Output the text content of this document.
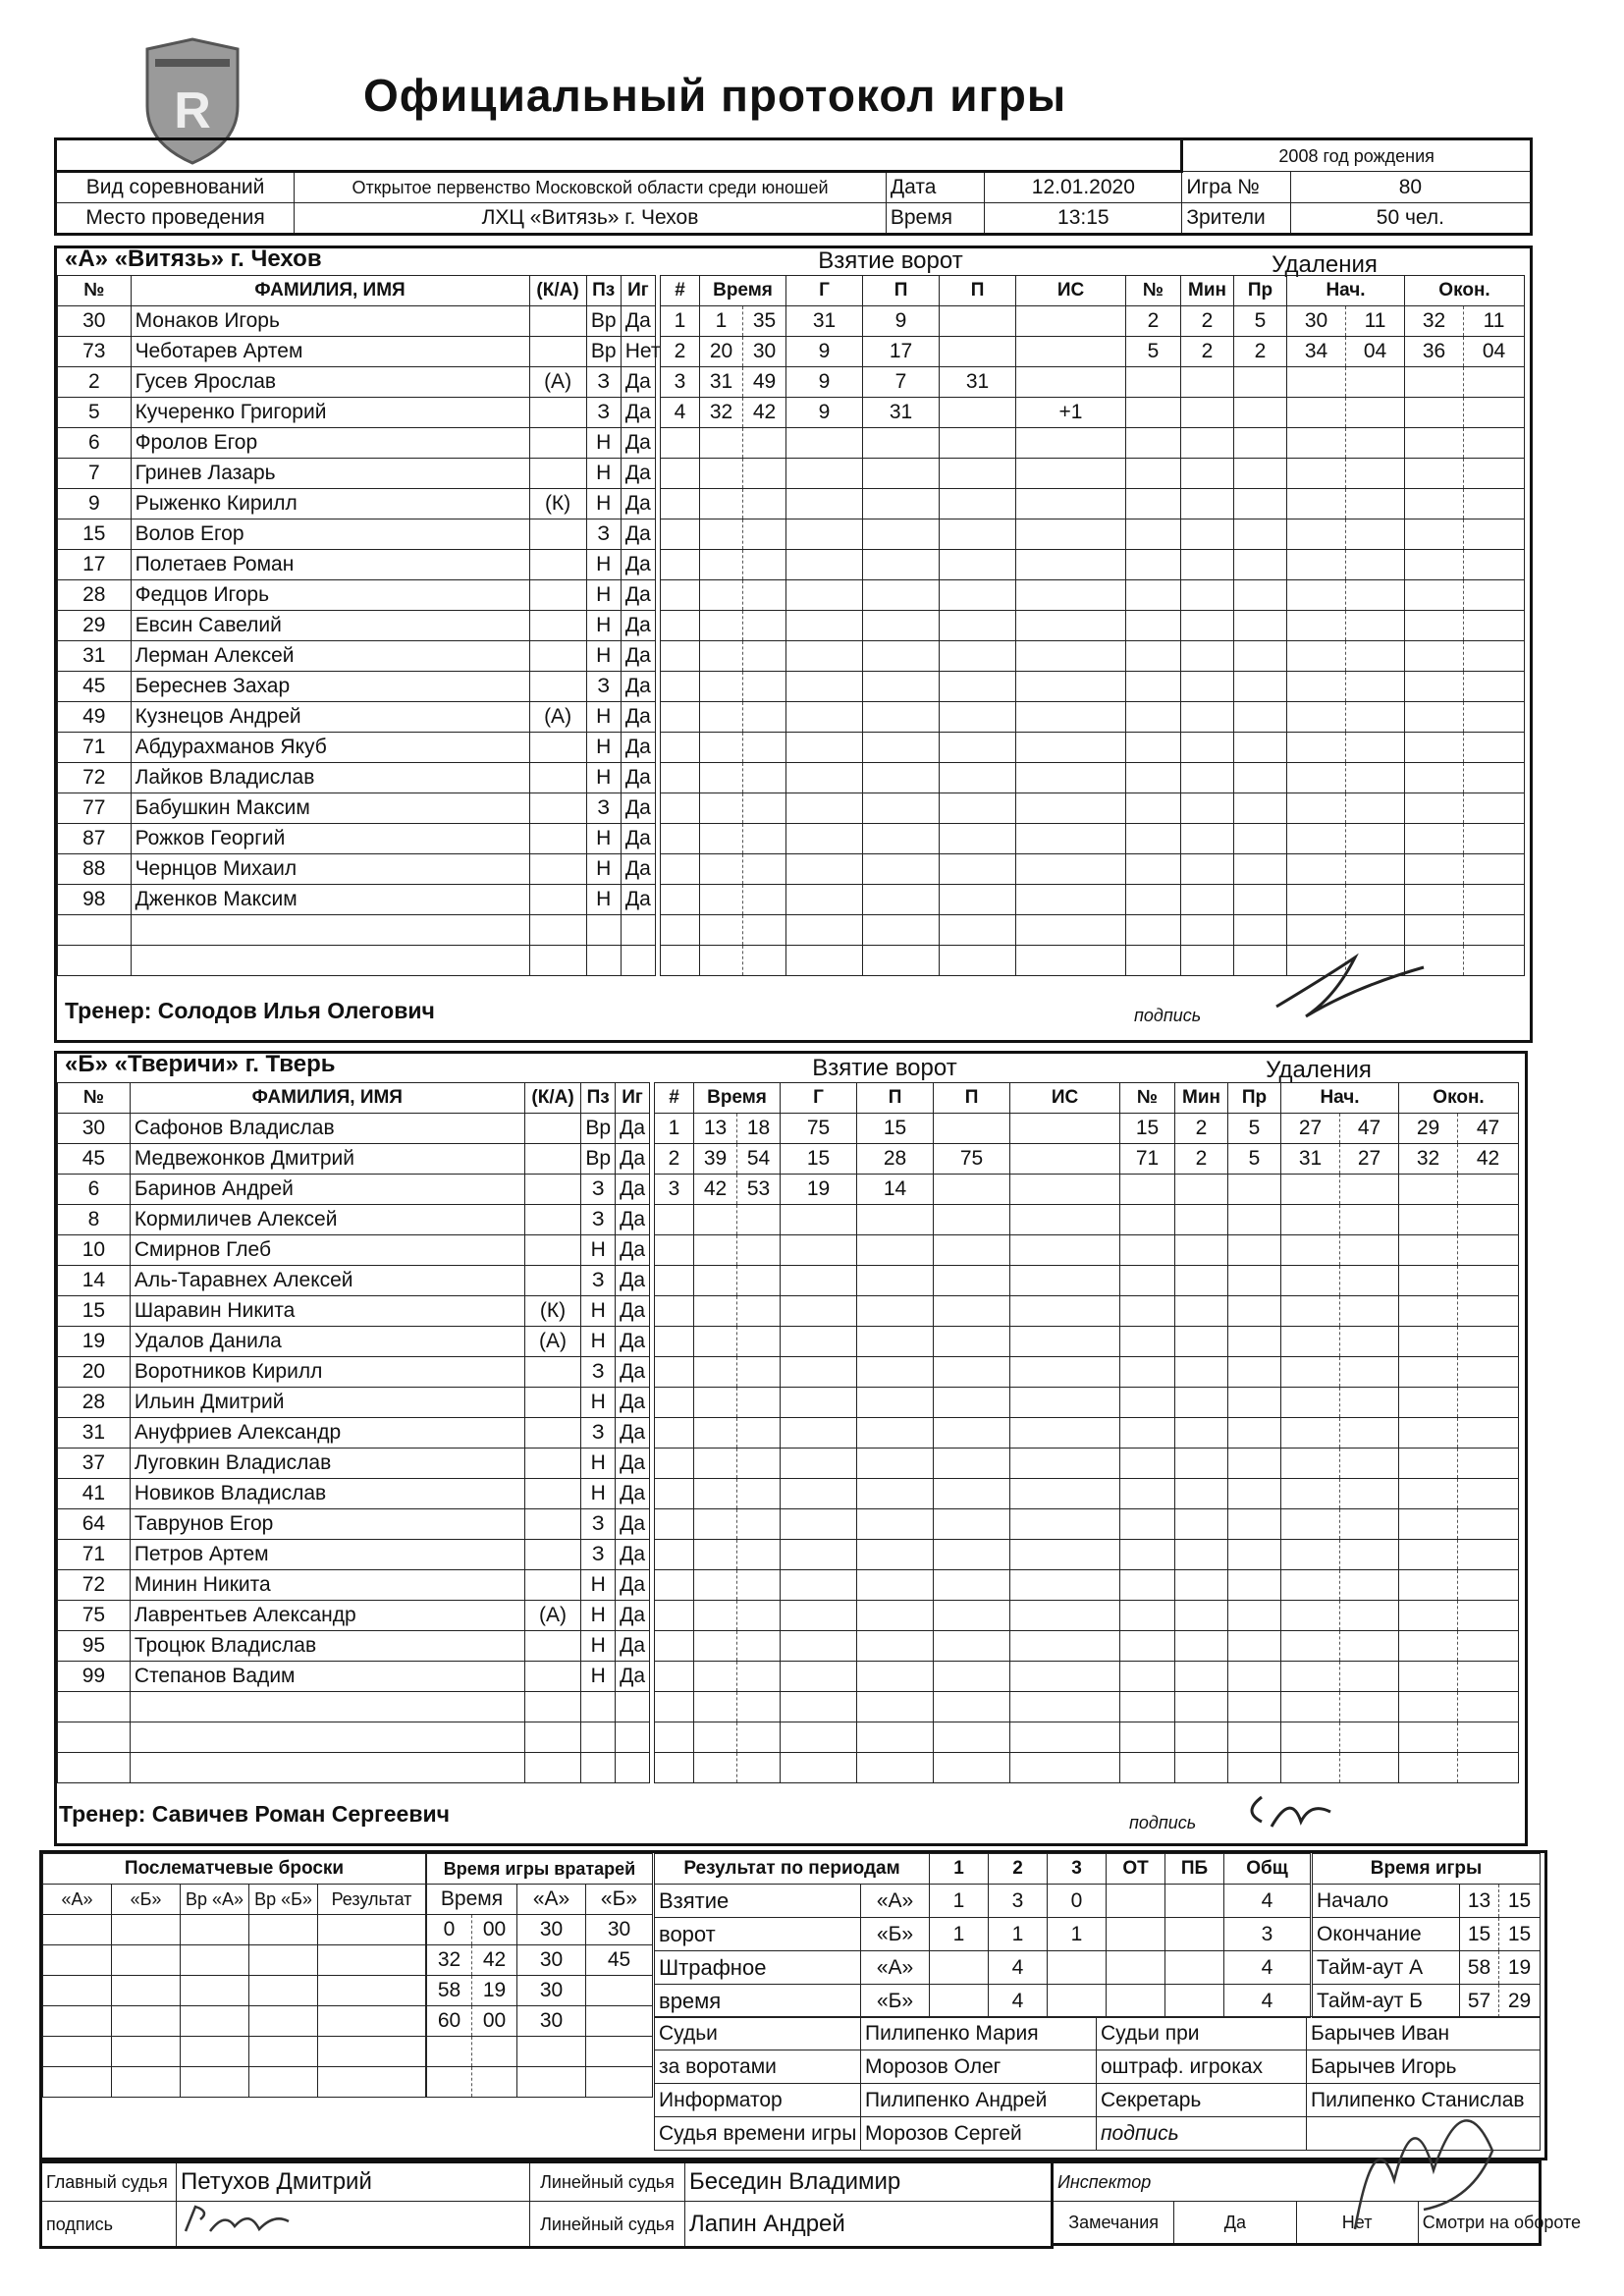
R	Официальный протокол игры
				2008 год рождения	
Вид соревнований	Открытое первенство Московской области среди юношей	Дата	12.01.2020	Игра №	80
Место проведения	ЛХЦ «Витязь» г. Чехов	Время	13:15	Зрители	50 чел.
«А» «Витязь» г. Чехов	Взятие ворот	Удаления
№	ФАМИЛИЯ, ИМЯ	(К/А)	Пз	Иг
30	Монаков Игорь		Вр	Да
73	Чеботарев Артем		Вр	Нет
2	Гусев Ярослав	(А)	З	Да
5	Кучеренко Григорий		З	Да
6	Фролов Егор		Н	Да
7	Гринев Лазарь		Н	Да
9	Рыженко Кирилл	(К)	Н	Да
15	Волов Егор		З	Да
17	Полетаев Роман		Н	Да
28	Федцов Игорь		Н	Да
29	Евсин Савелий		Н	Да
31	Лерман Алексей		Н	Да
45	Береснев Захар		З	Да
49	Кузнецов Андрей	(А)	Н	Да
71	Абдурахманов Якуб		Н	Да
72	Лайков Владислав		Н	Да
77	Бабушкин Максим		З	Да
87	Рожков Георгий		Н	Да
88	Чернцов Михаил		Н	Да
98	Дженков Максим		Н	Да

#	Время		Г	П	П	ИС
1	1	35	31	9		
2	20	30	9	17		
3	31	49	9	7	31	
4	32	42	9	31		+1

№	Мин	Пр	Нач.		Окон.	
2	2	5	30	11	32	11
5	2	2	34	04	36	04

Тренер: Солодов Илья Олегович	подпись
«Б» «Тверичи» г. Тверь	Взятие ворот	Удаления
№	ФАМИЛИЯ, ИМЯ	(К/А)	Пз	Иг
30	Сафонов Владислав		Вр	Да
45	Медвежонков Дмитрий		Вр	Да
6	Баринов Андрей		З	Да
8	Кормиличев Алексей		З	Да
10	Смирнов Глеб		Н	Да
14	Аль-Таравнех Алексей		З	Да
15	Шаравин Никита	(К)	Н	Да
19	Удалов Данила	(А)	Н	Да
20	Воротников Кирилл		З	Да
28	Ильин Дмитрий		Н	Да
31	Ануфриев Александр		З	Да
37	Луговкин Владислав		Н	Да
41	Новиков Владислав		Н	Да
64	Таврунов Егор		З	Да
71	Петров Артем		З	Да
72	Минин Никита		Н	Да
75	Лаврентьев Александр	(А)	Н	Да
95	Троцюк Владислав		Н	Да
99	Степанов Вадим		Н	Да

#	Время		Г	П	П	ИС
1	13	18	75	15		
2	39	54	15	28	75	
3	42	53	19	14		

№	Мин	Пр	Нач.		Окон.	
15	2	5	27	47	29	47
71	2	5	31	27	32	42

Тренер: Савичев Роман Сергеевич	подпись
Послематчевые броски				
«А»	«Б»	Вр «А»	Вр «Б»	Результат

Время игры вратарей			
Время		«А»	«Б»
0	00	30	30
32	42	30	45
58	19	30	
60	00	30	

Результат по периодам		1	2	3	ОТ	ПБ	Общ
Взятие	«А»	1	3	0			4
ворот	«Б»	1	1	1			3
Штрафное	«А»		4				4
время	«Б»		4				4
Время игры		
Начало	13	15
Окончание	15	15
Тайм-аут А	58	19
Тайм-аут Б	57	29
Судьи	Пилипенко Мария	Судьи при	Барычев Иван
за воротами	Морозов Олег	оштраф. игроках	Барычев Игорь
Информатор	Пилипенко Андрей	Секретарь	Пилипенко Станислав
Судья времени игры	Морозов Сергей	подпись	
Главный судья	Петухов Дмитрий	Линейный судья	Беседин Владимир
подпись		Линейный судья	Лапин Андрей
Инспектор
Замечания	Да	Нет	Смотри на обороте
